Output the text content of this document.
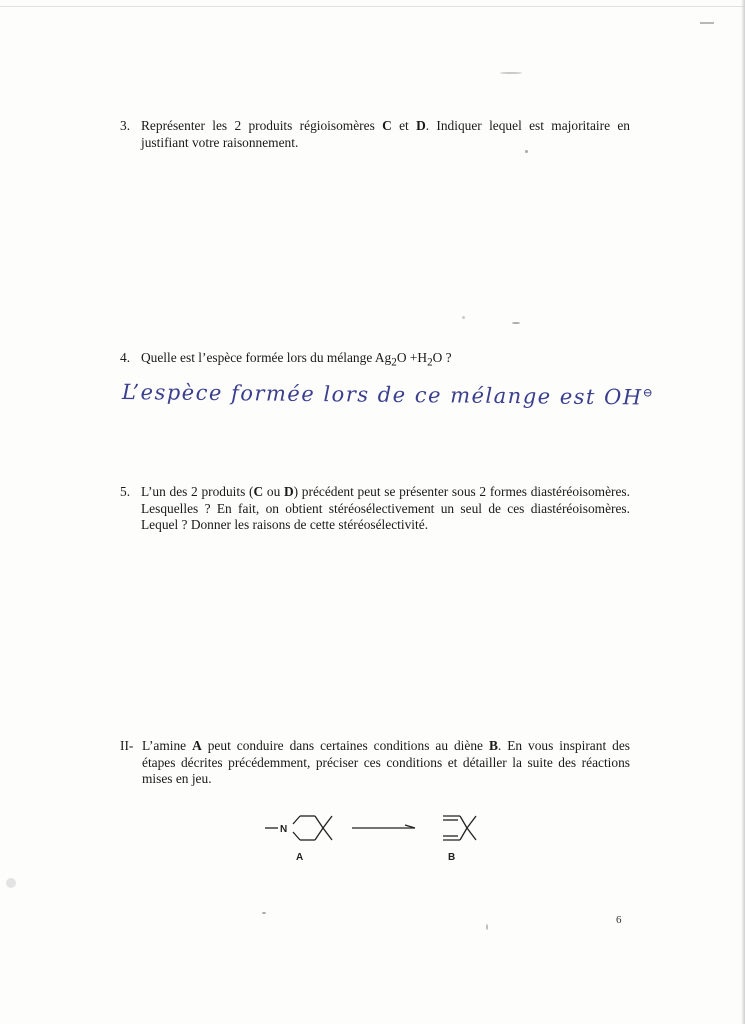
3. Représenter les 2 produits régioisomères C et D. Indiquer lequel est majoritaire en justifiant votre raisonnement.
4. Quelle est l’espèce formée lors du mélange $Ag_2O +H_2O$ ?
L’espèce formée lors de ce mélange est OH⊖
5. L’un des 2 produits (C ou D) précédent peut se présenter sous 2 formes diastéréoisomères. Lesquelles ? En fait, on obtient stéréosélectivement un seul de ces diastéréoisomères. Lequel ? Donner les raisons de cette stéréosélectivité.
II- L’amine A peut conduire dans certaines conditions au diène B. En vous inspirant des étapes décrites précédemment, préciser ces conditions et détailler la suite des réactions mises en jeu.
N
A	B
6
